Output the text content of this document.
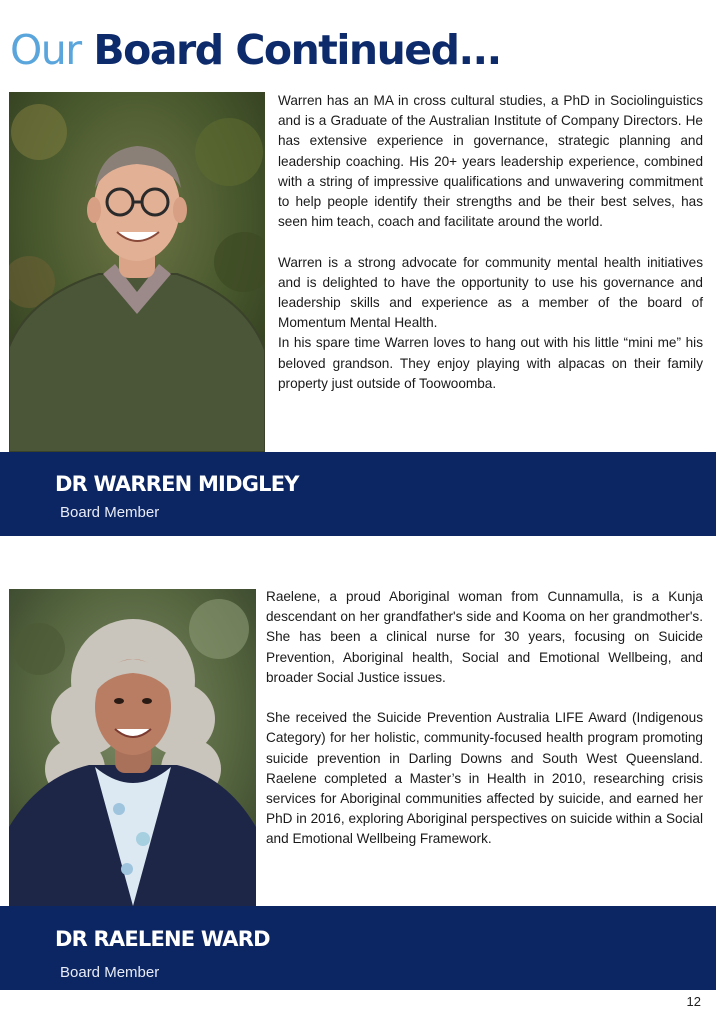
Our Board Continued...

Warren has an MA in cross cultural studies, a PhD in Sociolinguistics and is a Graduate of the Australian Institute of Company Directors. He has extensive experience in governance, strategic planning and leadership coaching. His 20+ years leadership experience, combined with a string of impressive qualifications and unwavering commitment to help people identify their strengths and be their best selves, has seen him teach, coach and facilitate around the world.

Warren is a strong advocate for community mental health initiatives and is delighted to have the opportunity to use his governance and leadership skills and experience as a member of the board of Momentum Mental Health.

In his spare time Warren loves to hang out with his little “mini me” his beloved grandson. They enjoy playing with alpacas on their family property just outside of Toowoomba.

DR WARREN MIDGLEY
Board Member

Raelene, a proud Aboriginal woman from Cunnamulla, is a Kunja descendant on her grandfather's side and Kooma on her grandmother's. She has been a clinical nurse for 30 years, focusing on Suicide Prevention, Aboriginal health, Social and Emotional Wellbeing, and broader Social Justice issues.

She received the Suicide Prevention Australia LIFE Award (Indigenous Category) for her holistic, community-focused health program promoting suicide prevention in Darling Downs and South West Queensland. Raelene completed a Master’s in Health in 2010, researching crisis services for Aboriginal communities affected by suicide, and earned her PhD in 2016, exploring Aboriginal perspectives on suicide within a Social and Emotional Wellbeing Framework.

DR RAELENE WARD
Board Member
12
